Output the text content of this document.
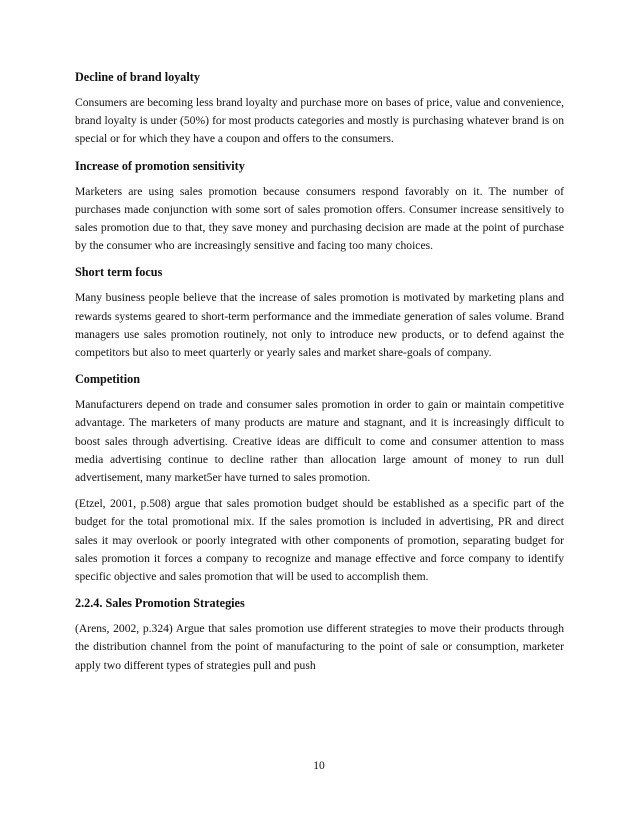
Decline of brand loyalty

Consumers are becoming less brand loyalty and purchase more on bases of price, value and convenience, brand loyalty is under (50%) for most products categories and mostly is purchasing whatever brand is on special or for which they have a coupon and offers to the consumers.

Increase of promotion sensitivity

Marketers are using sales promotion because consumers respond favorably on it. The number of purchases made conjunction with some sort of sales promotion offers. Consumer increase sensitively to sales promotion due to that, they save money and purchasing decision are made at the point of purchase by the consumer who are increasingly sensitive and facing too many choices.

Short term focus

Many business people believe that the increase of sales promotion is motivated by marketing plans and rewards systems geared to short-term performance and the immediate generation of sales volume. Brand managers use sales promotion routinely, not only to introduce new products, or to defend against the competitors but also to meet quarterly or yearly sales and market share-goals of company.

Competition

Manufacturers depend on trade and consumer sales promotion in order to gain or maintain competitive advantage. The marketers of many products are mature and stagnant, and it is increasingly difficult to boost sales through advertising. Creative ideas are difficult to come and consumer attention to mass media advertising continue to decline rather than allocation large amount of money to run dull advertisement, many market5er have turned to sales promotion.

(Etzel, 2001, p.508) argue that sales promotion budget should be established as a specific part of the budget for the total promotional mix. If the sales promotion is included in advertising, PR and direct sales it may overlook or poorly integrated with other components of promotion, separating budget for sales promotion it forces a company to recognize and manage effective and force company to identify specific objective and sales promotion that will be used to accomplish them.

2.2.4. Sales Promotion Strategies

(Arens, 2002, p.324) Argue that sales promotion use different strategies to move their products through the distribution channel from the point of manufacturing to the point of sale or consumption, marketer apply two different types of strategies pull and push

10
